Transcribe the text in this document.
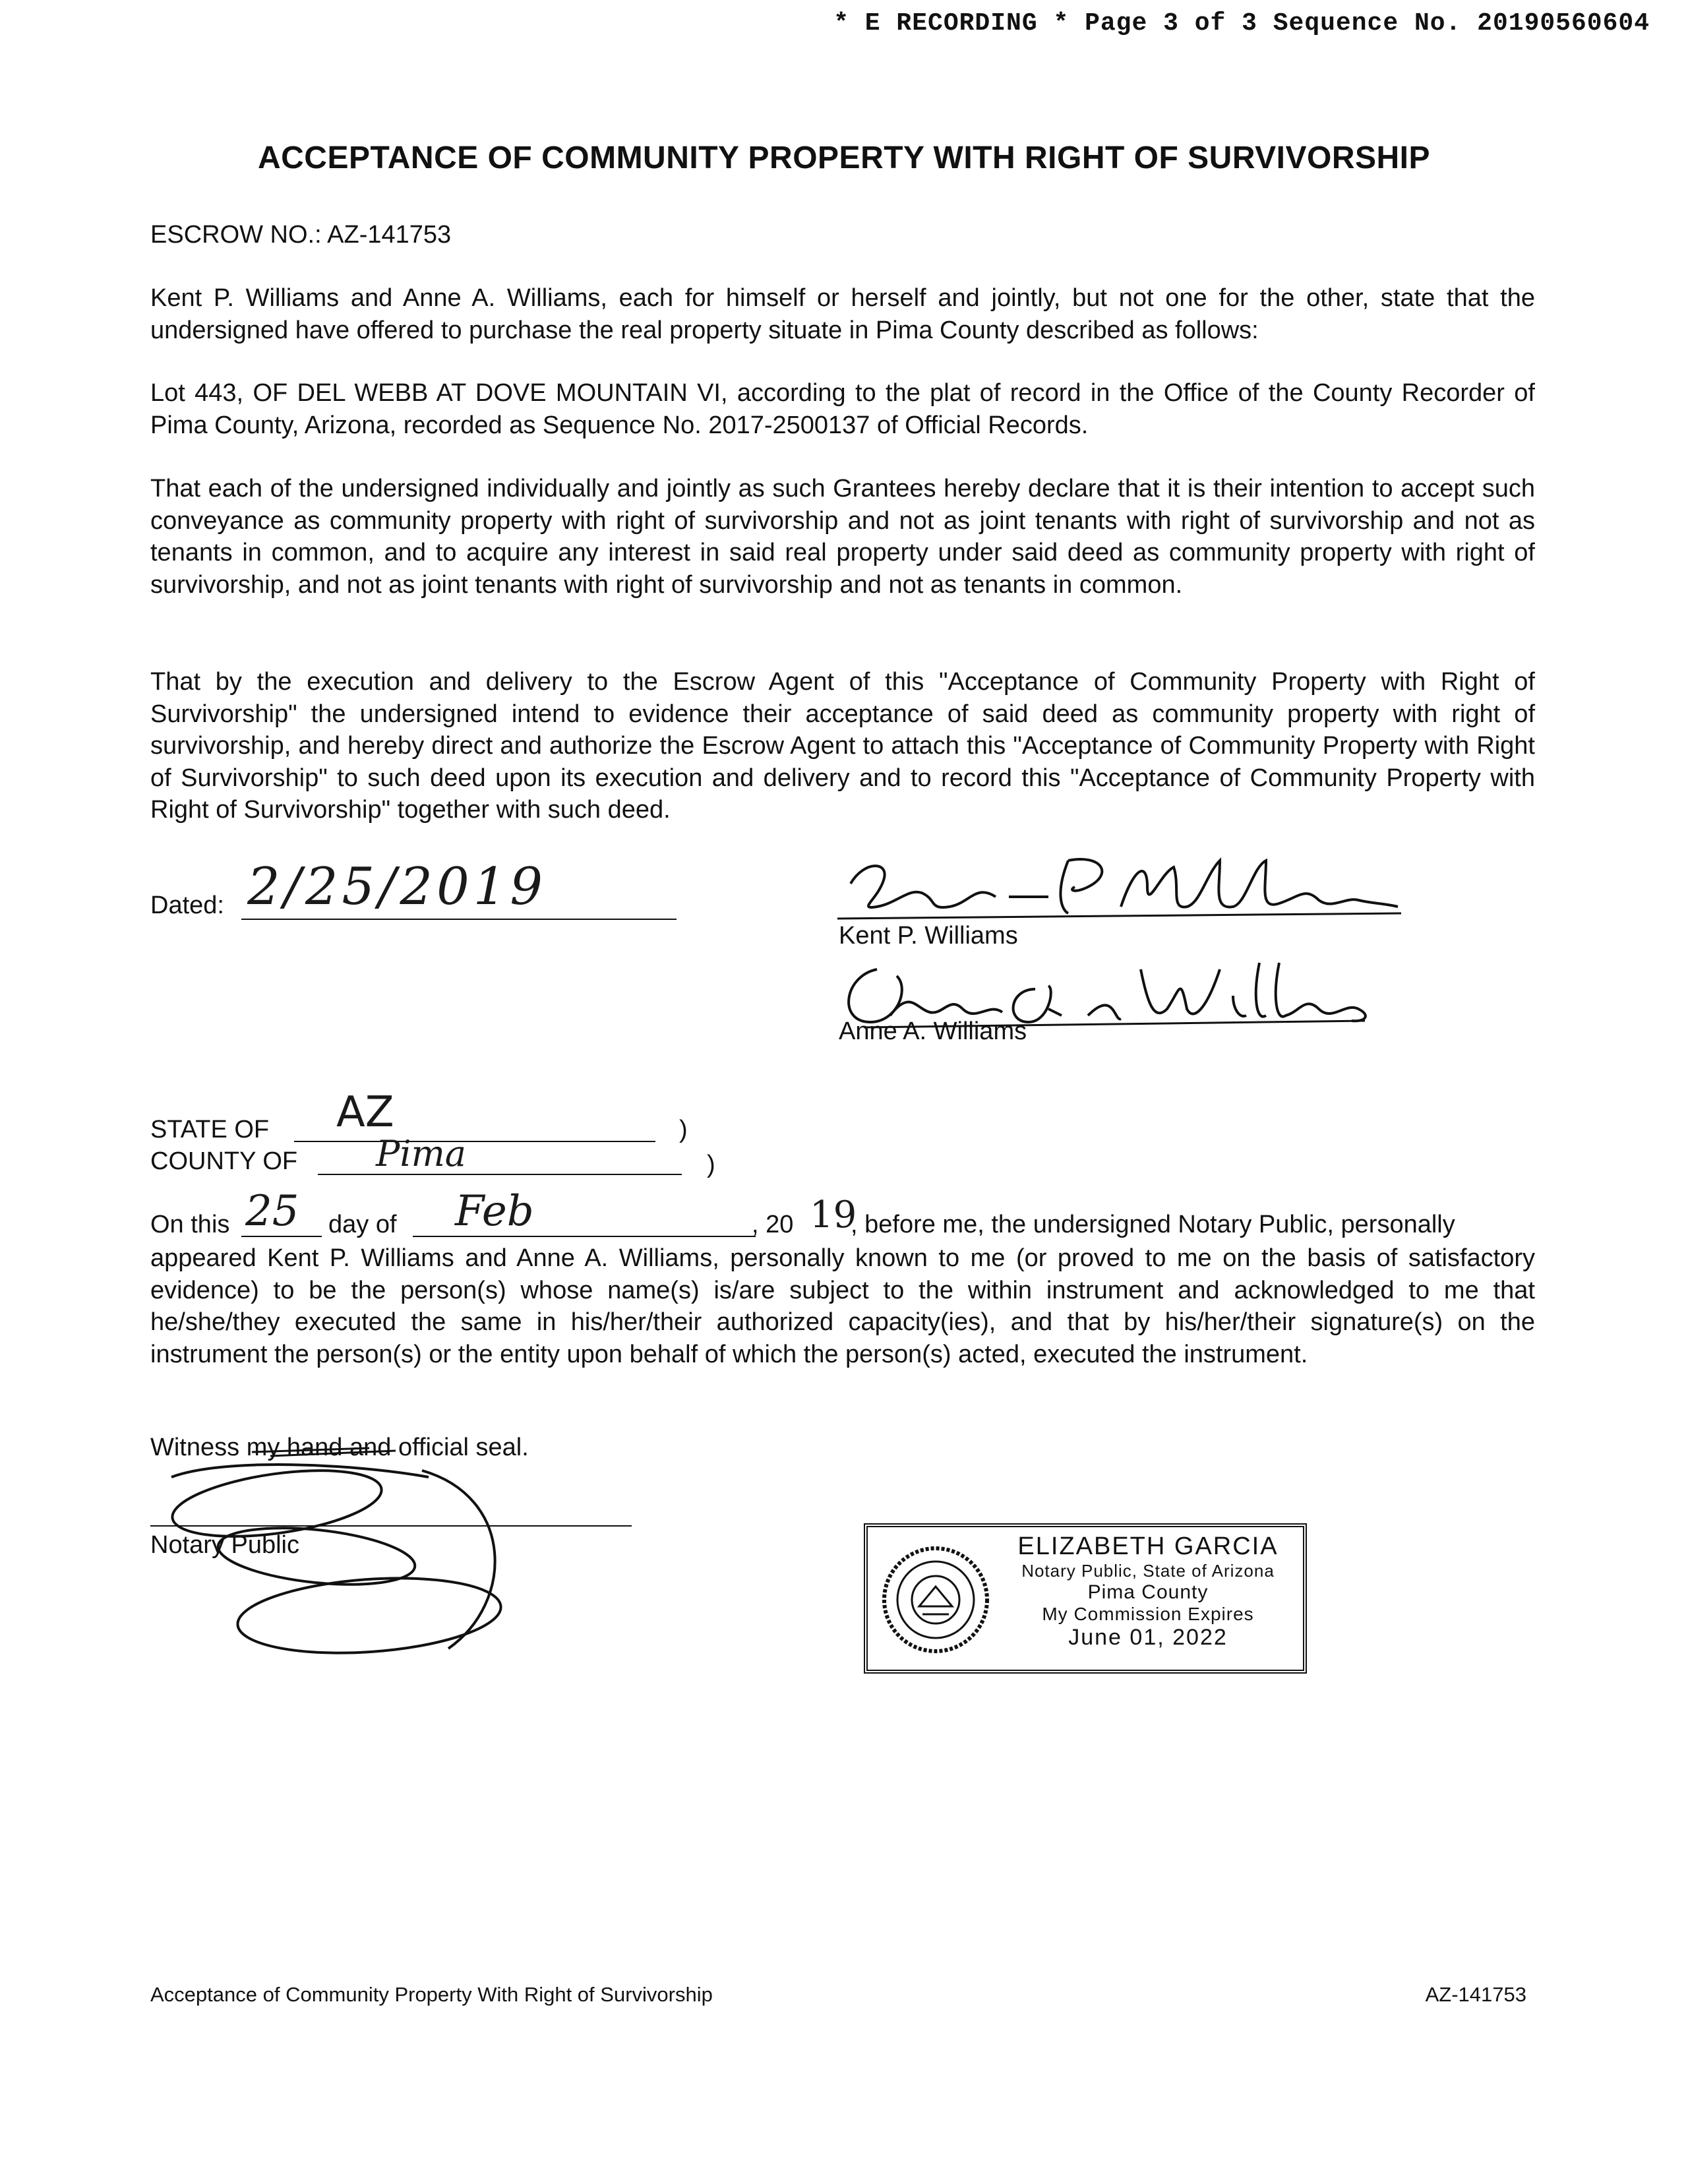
* E RECORDING * Page 3 of 3 Sequence No. 20190560604
ACCEPTANCE OF COMMUNITY PROPERTY WITH RIGHT OF SURVIVORSHIP
ESCROW NO.: AZ-141753
Kent P. Williams and Anne A. Williams, each for himself or herself and jointly, but not one for the other, state that the undersigned have offered to purchase the real property situate in Pima County described as follows:
Lot 443, OF DEL WEBB AT DOVE MOUNTAIN VI, according to the plat of record in the Office of the County Recorder of Pima County, Arizona, recorded as Sequence No. 2017-2500137 of Official Records.
That each of the undersigned individually and jointly as such Grantees hereby declare that it is their intention to accept such conveyance as community property with right of survivorship and not as joint tenants with right of survivorship and not as tenants in common, and to acquire any interest in said real property under said deed as community property with right of survivorship, and not as joint tenants with right of survivorship and not as tenants in common.
That by the execution and delivery to the Escrow Agent of this "Acceptance of Community Property with Right of Survivorship" the undersigned intend to evidence their acceptance of said deed as community property with right of survivorship, and hereby direct and authorize the Escrow Agent to attach this "Acceptance of Community Property with Right of Survivorship" to such deed upon its execution and delivery and to record this "Acceptance of Community Property with Right of Survivorship" together with such deed.
Dated: 2/25/2019
Kent P. Williams
Anne A. Williams
STATE OF AZ	)
COUNTY OF Pima	)
On this 25 day of Feb	, 20 19
, before me, the undersigned Notary Public, personally
appeared Kent P. Williams and Anne A. Williams, personally known to me (or proved to me on the basis of satisfactory evidence) to be the person(s) whose name(s) is/are subject to the within instrument and acknowledged to me that he/she/they executed the same in his/her/their authorized capacity(ies), and that by his/her/their signature(s) on the instrument the person(s) or the entity upon behalf of which the person(s) acted, executed the instrument.
Witness my hand and official seal.
Notary Public	ELIZABETH GARCIA
Notary Public, State of Arizona
Pima County
My Commission Expires
June 01, 2022
Acceptance of Community Property With Right of Survivorship	AZ-141753
